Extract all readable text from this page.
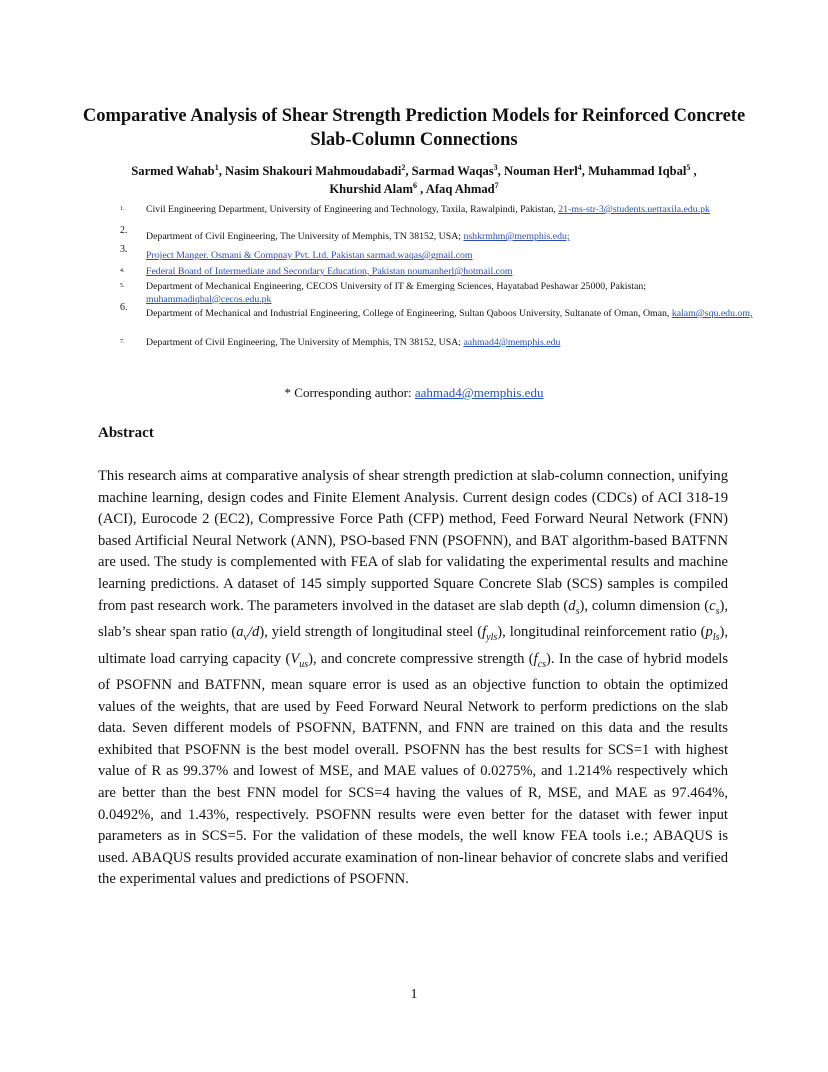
Comparative Analysis of Shear Strength Prediction Models for Reinforced Concrete Slab-Column Connections

Sarmed Wahab$^1$, Nasim Shakouri Mahmoudabadi$^2$, Sarmad Waqas$^3$, Nouman Herl$^4$, Muhammad Iqbal$^5$ ,
Khurshid Alam$^6$ , Afaq Ahmad$^7$

1. Civil Engineering Department, University of Engineering and Technology, Taxila, Rawalpindi, Pakistan, 21-ms-str-3@students.uettaxila.edu.pk
2.
Department of Civil Engineering, The University of Memphis, TN 38152, USA; nshkrmhm@memphis.edu;
3.
Project Manger. Osmani & Compnay Pvt. Ltd. Pakistan sarmad.waqas@gmail.com
4. Federal Board of Intermediate and Secondary Education, Pakistan noumanherl@hotmail.com
5. Department of Mechanical Engineering, CECOS University of IT & Emerging Sciences, Hayatabad Peshawar 25000, Pakistan; muhammadiqbal@cecos.edu.pk
6.
Department of Mechanical and Industrial Engineering, College of Engineering, Sultan Qaboos University, Sultanate of Oman, Oman, kalam@squ.edu.om,
7. Department of Civil Engineering, The University of Memphis, TN 38152, USA; aahmad4@memphis.edu
* Corresponding author: aahmad4@memphis.edu
Abstract

This research aims at comparative analysis of shear strength prediction at slab-column connection, unifying machine learning, design codes and Finite Element Analysis. Current design codes (CDCs) of ACI 318-19 (ACI), Eurocode 2 (EC2), Compressive Force Path (CFP) method, Feed Forward Neural Network (FNN) based Artificial Neural Network (ANN), PSO-based FNN (PSOFNN), and BAT algorithm-based BATFNN are used. The study is complemented with FEA of slab for validating the experimental results and machine learning predictions. A dataset of 145 simply supported Square Concrete Slab (SCS) samples is compiled from past research work. The parameters involved in the dataset are slab depth $(d_s)$, column dimension $(c_s)$, slab’s shear span ratio $(a_v/d)$, yield strength of longitudinal steel $(f_{yls})$, longitudinal reinforcement ratio $(p_{ls})$, ultimate load carrying capacity $(V_{us})$, and concrete compressive strength $(f_{cs})$. In the case of hybrid models of PSOFNN and BATFNN, mean square error is used as an objective function to obtain the optimized values of the weights, that are used by Feed Forward Neural Network to perform predictions on the slab data. Seven different models of PSOFNN, BATFNN, and FNN are trained on this data and the results exhibited that PSOFNN is the best model overall. PSOFNN has the best results for SCS=1 with highest value of R as 99.37% and lowest of MSE, and MAE values of 0.0275%, and 1.214% respectively which are better than the best FNN model for SCS=4 having the values of R, MSE, and MAE as 97.464%, 0.0492%, and 1.43%, respectively. PSOFNN results were even better for the dataset with fewer input parameters as in SCS=5. For the validation of these models, the well know FEA tools i.e.; ABAQUS is used. ABAQUS results provided accurate examination of non-linear behavior of concrete slabs and verified the experimental values and predictions of PSOFNN.

1
